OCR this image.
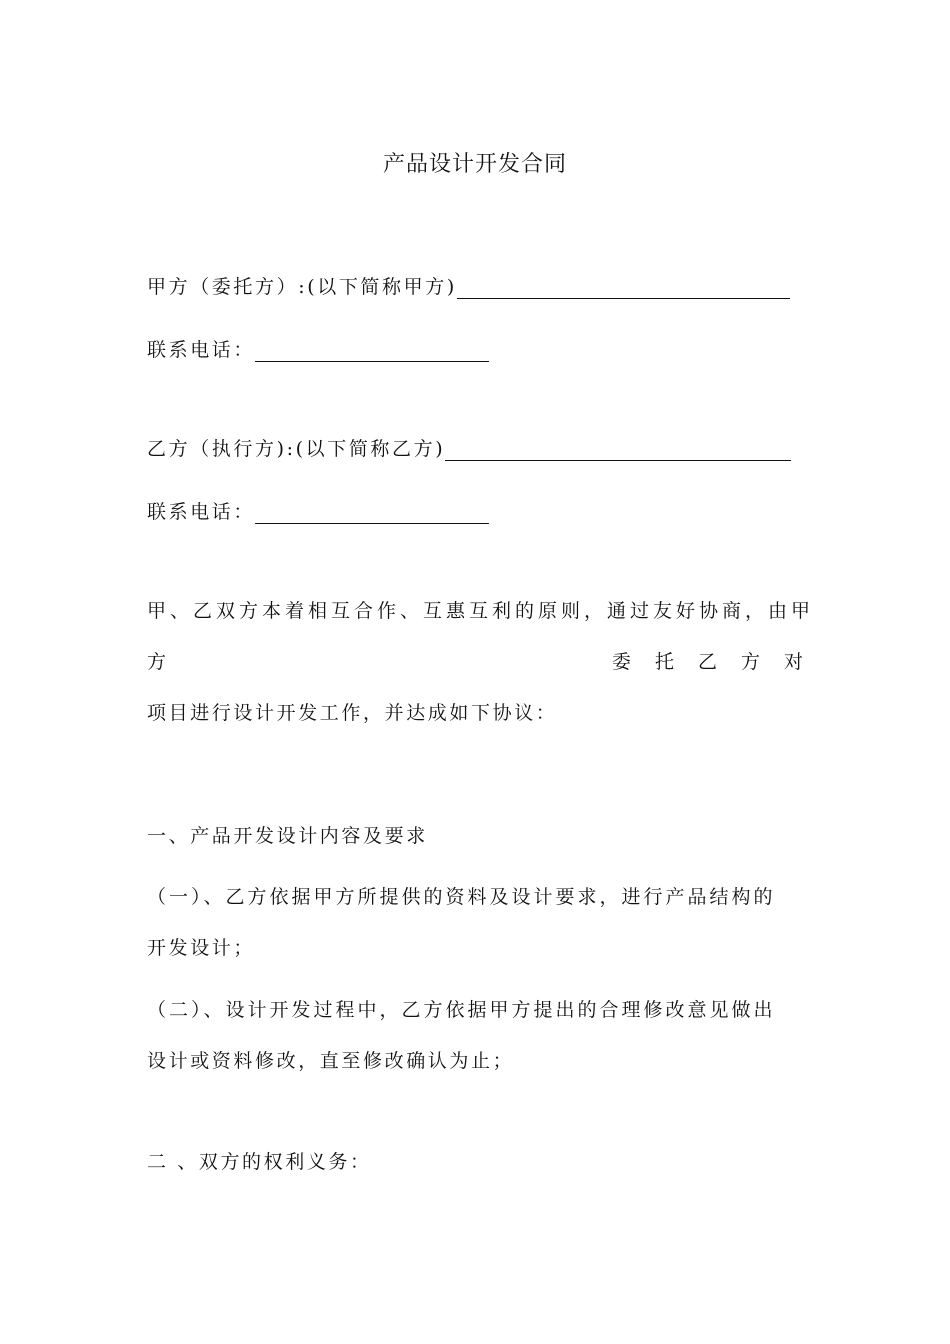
产品设计开发合同
甲方（委托方）:(以下简称甲方)
联系电话：
乙方（执行方):(以下简称乙方)
联系电话：
甲、乙双方本着相互合作、互惠互利的原则，通过友好协商，由甲
方	委 托 乙 方 对
项目进行设计开发工作，并达成如下协议：
一、产品开发设计内容及要求
（一）、乙方依据甲方所提供的资料及设计要求，进行产品结构的
开发设计；
（二）、设计开发过程中，乙方依据甲方提出的合理修改意见做出
设计或资料修改，直至修改确认为止；
二 、双方的权利义务：
